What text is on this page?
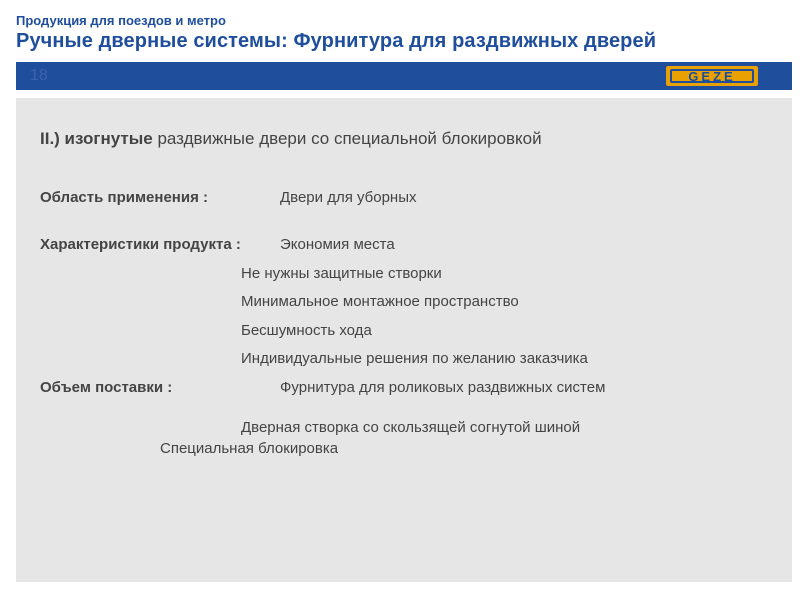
Продукция для поездов и метро
Ручные дверные системы: Фурнитура для раздвижных дверей
18	GEZE
II.) изогнутые раздвижные двери со специальной блокировкой
Область применения :	Двери для уборных
Характеристики продукта :	Экономия места
Не нужны защитные створки
Минимальное монтажное пространство
Бесшумность хода
Индивидуальные решения по желанию заказчика
Объем поставки :	Фурнитура для роликовых раздвижных систем
Дверная створка со скользящей согнутой шиной
Специальная блокировка
